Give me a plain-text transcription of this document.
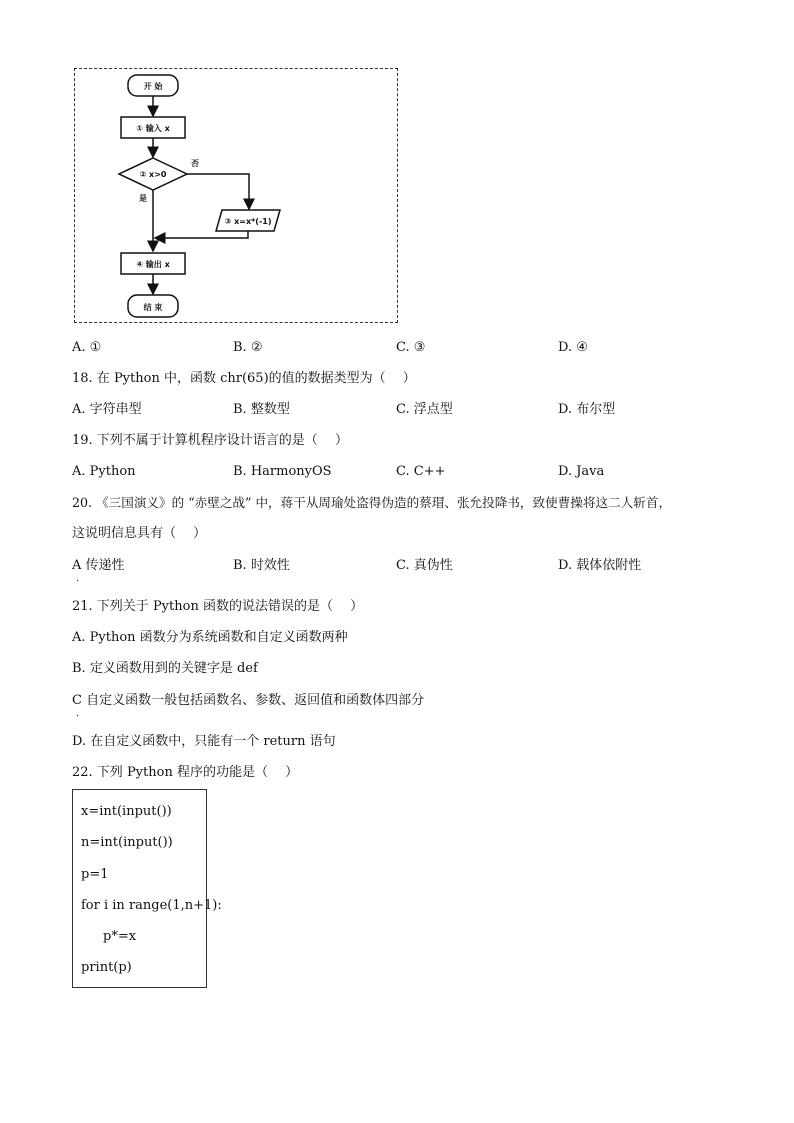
开 始
① 输入 x
② x>0
否
③ x=x*(-1)
是
④ 输出 x
结 束
A. ①	B. ②	C. ③	D. ④
18. 在 Python 中，函数 chr(65)的值的数据类型为（　 ）
A. 字符串型	B. 整数型	C. 浮点型	D. 布尔型
19. 下列不属于计算机程序设计语言的是（　 ）
A. Python	B. HarmonyOS	C. C++	D. Java
20. 《三国演义》的 “赤壁之战” 中，蒋干从周瑜处盗得伪造的蔡瑁、张允投降书，致使曹操将这二人斩首，
这说明信息具有（　 ）
A 传递性
.
B. 时效性	C. 真伪性	D. 载体依附性
21. 下列关于 Python 函数的说法错误的是（　 ）
A. Python 函数分为系统函数和自定义函数两种
B. 定义函数用到的关键字是 def
C 自定义函数一般包括函数名、参数、返回值和函数体四部分
.
D. 在自定义函数中，只能有一个 return 语句
22. 下列 Python 程序的功能是（　 ）
x=int(input())
n=int(input())
p=1
for i in range(1,n+1):
p*=x
print(p)
